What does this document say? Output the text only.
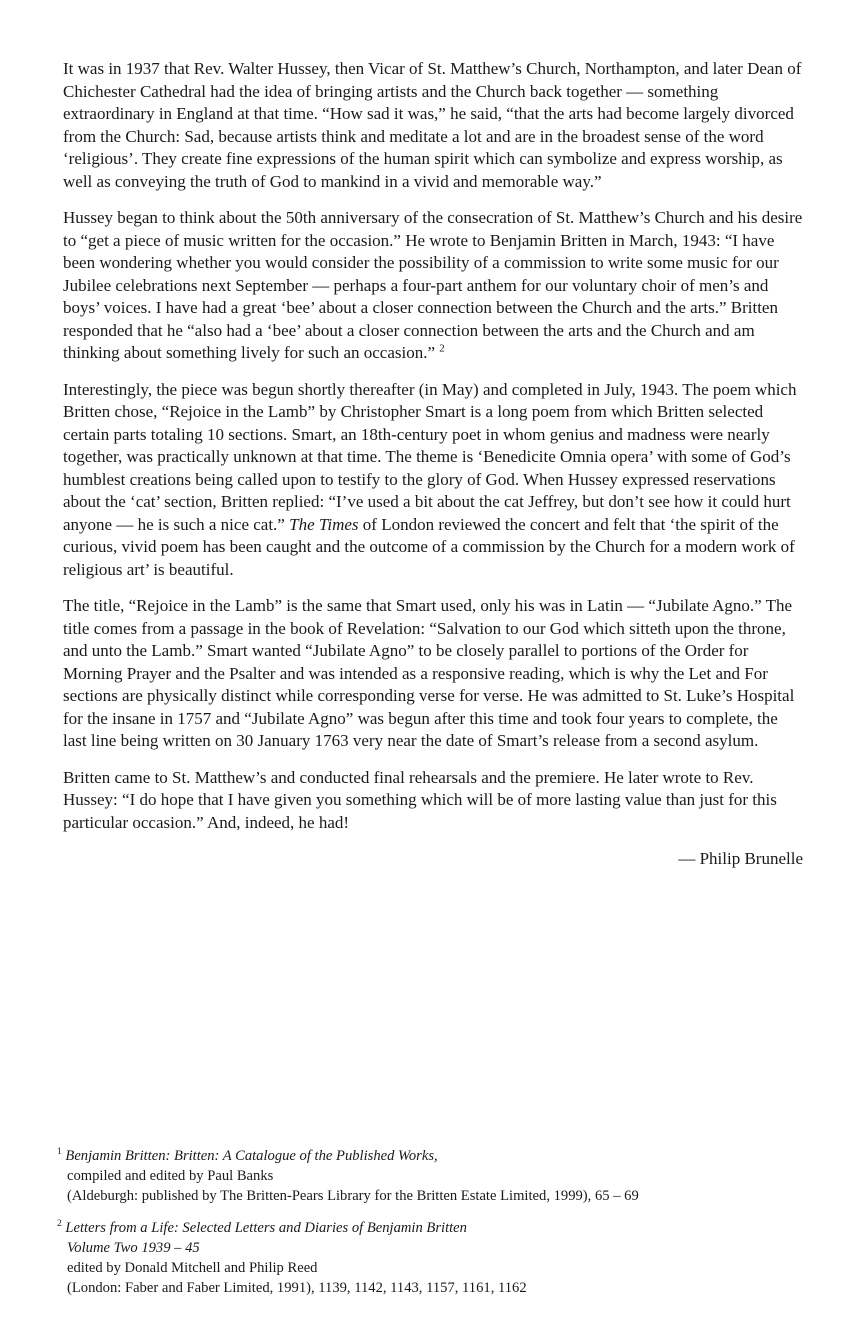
It was in 1937 that Rev. Walter Hussey, then Vicar of St. Matthew’s Church, Northampton, and later Dean of Chichester Cathedral had the idea of bringing artists and the Church back together — something extraordinary in England at that time. “How sad it was,” he said, “that the arts had become largely divorced from the Church: Sad, because artists think and meditate a lot and are in the broadest sense of the word ‘religious’. They create fine expressions of the human spirit which can symbolize and express worship, as well as conveying the truth of God to mankind in a vivid and memorable way.”

Hussey began to think about the 50th anniversary of the consecration of St. Matthew’s Church and his desire to “get a piece of music written for the occasion.” He wrote to Benjamin Britten in March, 1943: “I have been wondering whether you would consider the possibility of a commission to write some music for our Jubilee celebrations next September — perhaps a four-part anthem for our voluntary choir of men’s and boys’ voices. I have had a great ‘bee’ about a closer connection between the Church and the arts.” Britten responded that he “also had a ‘bee’ about a closer connection between the arts and the Church and am thinking about something lively for such an occasion.” $^2$

Interestingly, the piece was begun shortly thereafter (in May) and completed in July, 1943. The poem which Britten chose, “Rejoice in the Lamb” by Christopher Smart is a long poem from which Britten selected certain parts totaling 10 sections. Smart, an 18th-century poet in whom genius and madness were nearly together, was practically unknown at that time. The theme is ‘Benedicite Omnia opera’ with some of God’s humblest creations being called upon to testify to the glory of God. When Hussey expressed reservations about the ‘cat’ section, Britten replied: “I’ve used a bit about the cat Jeffrey, but don’t see how it could hurt anyone — he is such a nice cat.” The Times of London reviewed the concert and felt that ‘the spirit of the curious, vivid poem has been caught and the outcome of a commission by the Church for a modern work of religious art’ is beautiful.

The title, “Rejoice in the Lamb” is the same that Smart used, only his was in Latin — “Jubilate Agno.” The title comes from a passage in the book of Revelation: “Salvation to our God which sitteth upon the throne, and unto the Lamb.” Smart wanted “Jubilate Agno” to be closely parallel to portions of the Order for Morning Prayer and the Psalter and was intended as a responsive reading, which is why the Let and For sections are physically distinct while corresponding verse for verse. He was admitted to St. Luke’s Hospital for the insane in 1757 and “Jubilate Agno” was begun after this time and took four years to complete, the last line being written on 30 January 1763 very near the date of Smart’s release from a second asylum.

Britten came to St. Matthew’s and conducted final rehearsals and the premiere. He later wrote to Rev. Hussey: “I do hope that I have given you something which will be of more lasting value than just for this particular occasion.” And, indeed, he had!

— Philip Brunelle

$^1$ Benjamin Britten: Britten: A Catalogue of the Published Works,
compiled and edited by Paul Banks
(Aldeburgh: published by The Britten-Pears Library for the Britten Estate Limited, 1999), 65 – 69
$^2$ Letters from a Life: Selected Letters and Diaries of Benjamin Britten
Volume Two 1939 – 45
edited by Donald Mitchell and Philip Reed
(London: Faber and Faber Limited, 1991), 1139, 1142, 1143, 1157, 1161, 1162
